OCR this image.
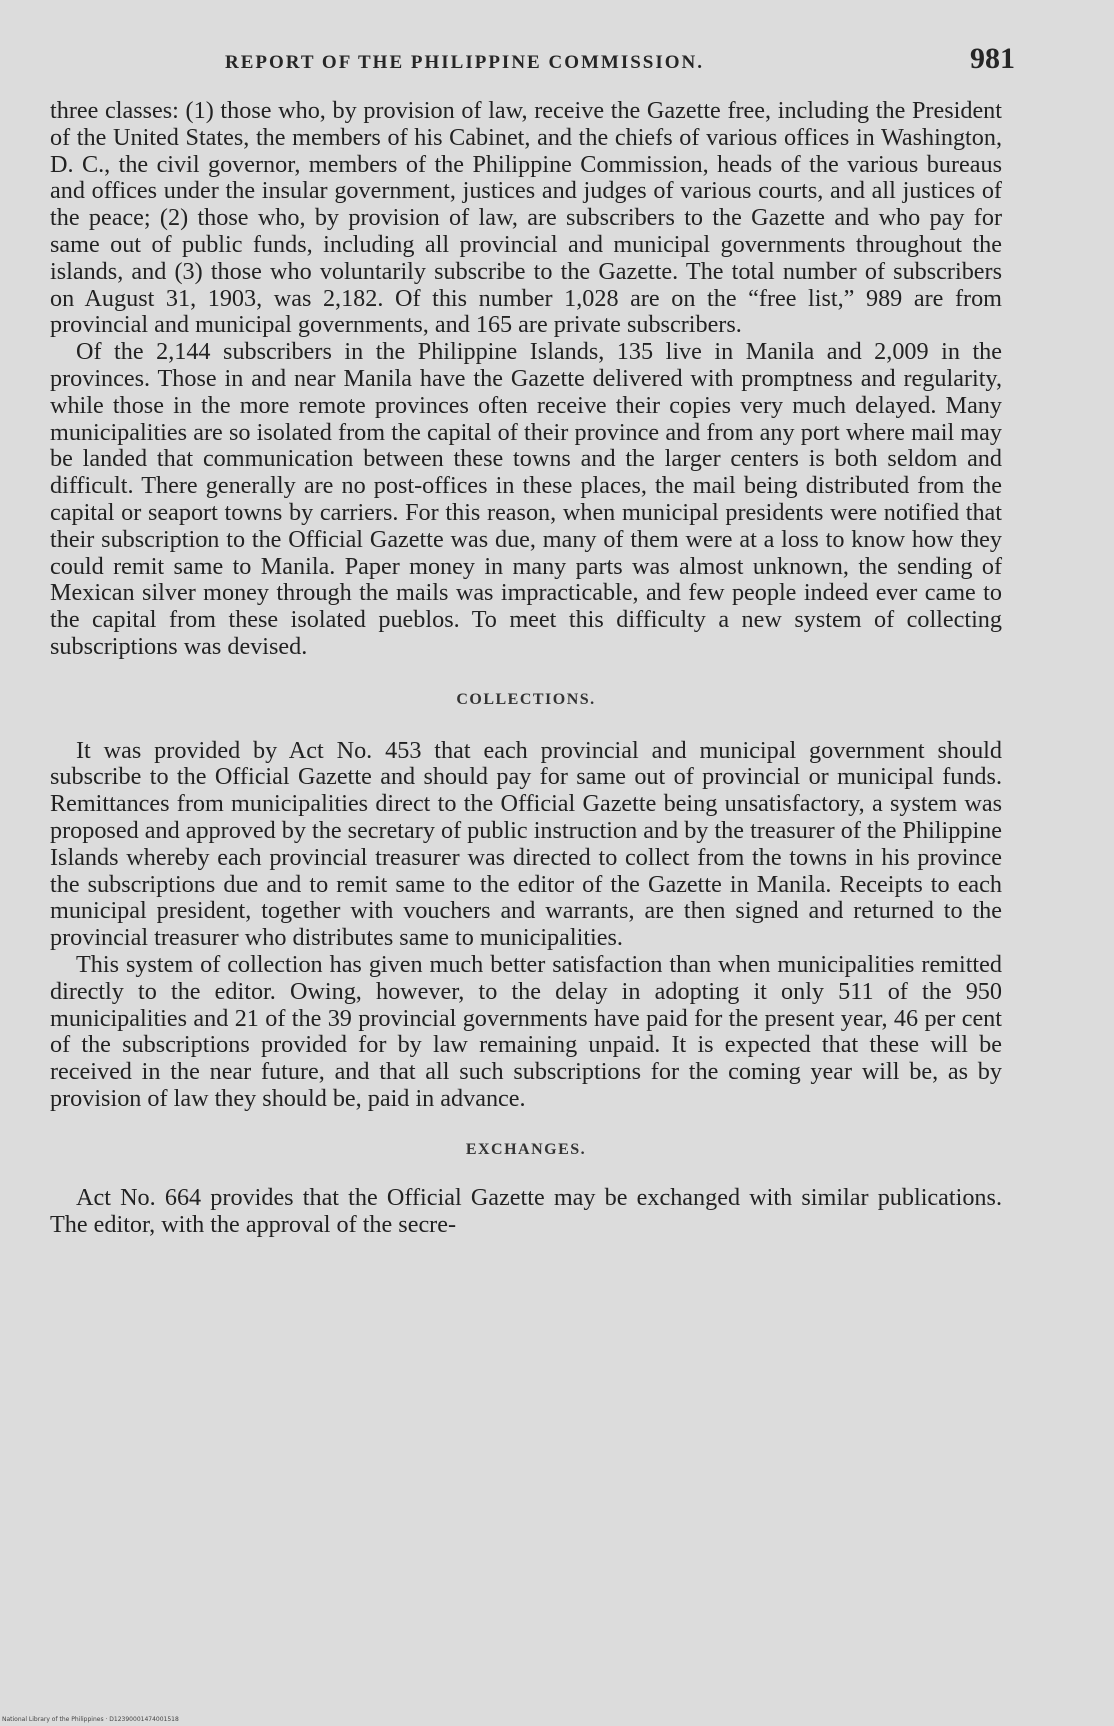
REPORT OF THE PHILIPPINE COMMISSION.	981

three classes: (1) those who, by provision of law, receive the Gazette free, including the President of the United States, the members of his Cabinet, and the chiefs of various offices in Washington, D. C., the civil governor, members of the Philippine Commission, heads of the various bureaus and offices under the insular government, justices and judges of various courts, and all justices of the peace; (2) those who, by provision of law, are subscribers to the Gazette and who pay for same out of public funds, including all provincial and municipal governments throughout the islands, and (3) those who voluntarily subscribe to the Gazette. The total number of subscribers on August 31, 1903, was 2,182. Of this number 1,028 are on the “free list,” 989 are from provincial and municipal governments, and 165 are private subscribers.

Of the 2,144 subscribers in the Philippine Islands, 135 live in Manila and 2,009 in the provinces. Those in and near Manila have the Gazette delivered with promptness and regularity, while those in the more remote provinces often receive their copies very much delayed. Many municipalities are so isolated from the capital of their province and from any port where mail may be landed that communication between these towns and the larger centers is both seldom and difficult. There generally are no post-offices in these places, the mail being distributed from the capital or seaport towns by carriers. For this reason, when municipal presidents were notified that their subscription to the Official Gazette was due, many of them were at a loss to know how they could remit same to Manila. Paper money in many parts was almost unknown, the sending of Mexican silver money through the mails was impracticable, and few people indeed ever came to the capital from these isolated pueblos. To meet this difficulty a new system of collecting subscriptions was devised.

COLLECTIONS.

It was provided by Act No. 453 that each provincial and municipal government should subscribe to the Official Gazette and should pay for same out of provincial or municipal funds. Remittances from municipalities direct to the Official Gazette being unsatisfactory, a system was proposed and approved by the secretary of public instruction and by the treasurer of the Philippine Islands whereby each provincial treasurer was directed to collect from the towns in his province the subscriptions due and to remit same to the editor of the Gazette in Manila. Receipts to each municipal president, together with vouchers and warrants, are then signed and returned to the provincial treasurer who distributes same to municipalities.

This system of collection has given much better satisfaction than when municipalities remitted directly to the editor. Owing, however, to the delay in adopting it only 511 of the 950 municipalities and 21 of the 39 provincial governments have paid for the present year, 46 per cent of the subscriptions provided for by law remaining unpaid. It is expected that these will be received in the near future, and that all such subscriptions for the coming year will be, as by provision of law they should be, paid in advance.

EXCHANGES.

Act No. 664 provides that the Official Gazette may be exchanged with similar publications. The editor, with the approval of the secre-

National Library of the Philippines · D12390001474001518
